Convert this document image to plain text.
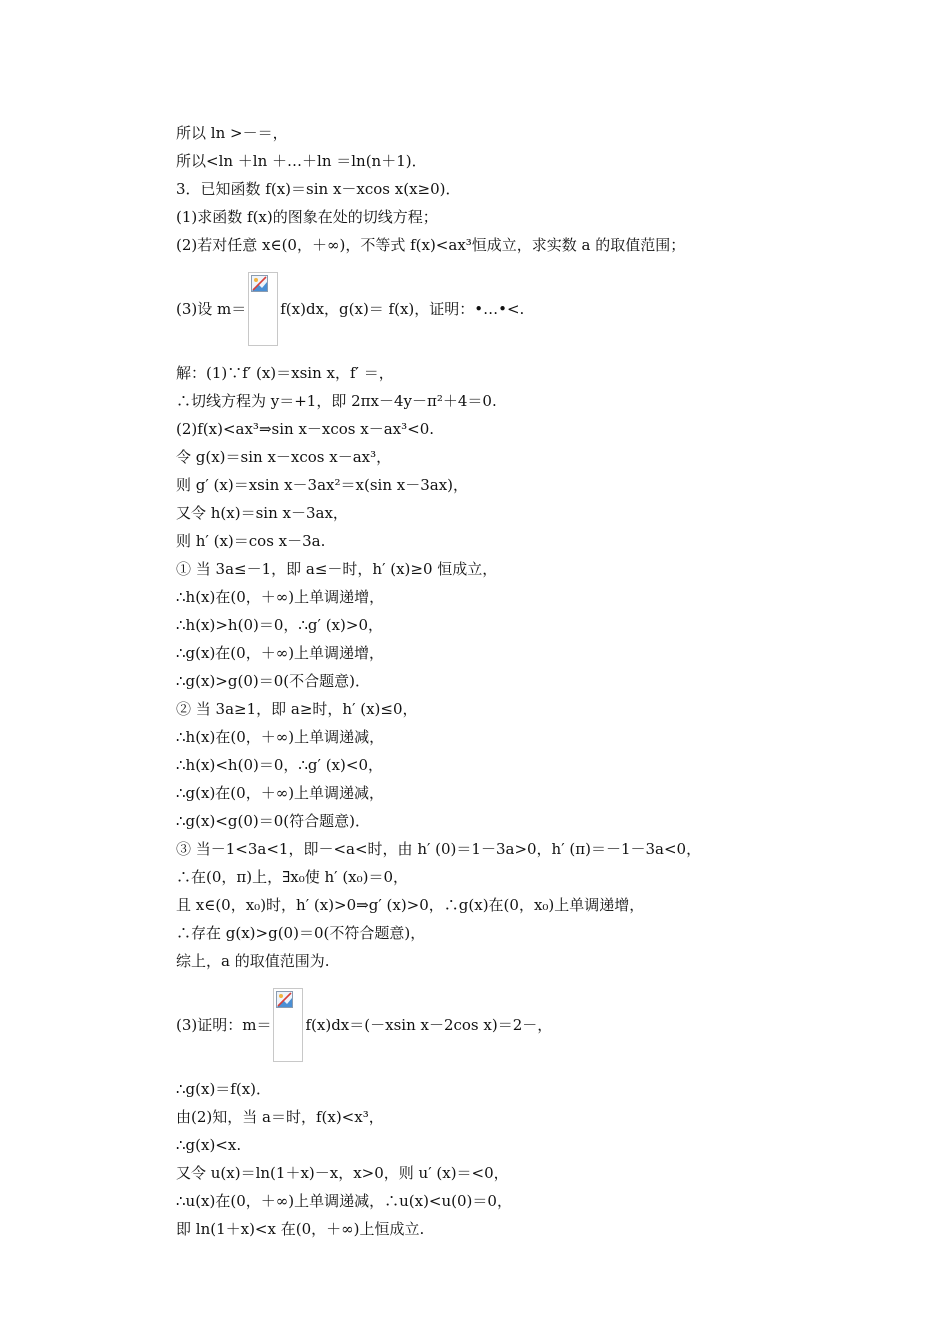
所以 ln >－＝，
所以<ln ＋ln ＋…＋ln ＝ln(n＋1)．
3．已知函数 f(x)＝sin x－xcos x(x≥0)．
(1)求函数 f(x)的图象在处的切线方程；
(2)若对任意 x∈(0，＋∞)，不等式 f(x)<ax³恒成立，求实数 a 的取值范围；
(3)设 m＝ f(x)dx，g(x)＝ f(x)，证明：•…•<.
解：(1)∵f′ (x)＝xsin x，f′ ＝，
∴切线方程为 y＝+1，即 2πx－4y－π²＋4＝0.
(2)f(x)<ax³⇒sin x－xcos x－ax³<0.
令 g(x)＝sin x－xcos x－ax³，
则 g′ (x)＝xsin x－3ax²＝x(sin x－3ax)，
又令 h(x)＝sin x－3ax，
则 h′ (x)＝cos x－3a.
① 当 3a≤－1，即 a≤－时，h′ (x)≥0 恒成立，
∴h(x)在(0，＋∞)上单调递增，
∴h(x)>h(0)＝0，∴g′ (x)>0，
∴g(x)在(0，＋∞)上单调递增，
∴g(x)>g(0)＝0(不合题意)．
② 当 3a≥1，即 a≥时，h′ (x)≤0，
∴h(x)在(0，＋∞)上单调递减，
∴h(x)<h(0)＝0，∴g′ (x)<0，
∴g(x)在(0，＋∞)上单调递减，
∴g(x)<g(0)＝0(符合题意)．
③ 当－1<3a<1，即－<a<时，由 h′ (0)＝1－3a>0，h′ (π)＝－1－3a<0，
∴在(0，π)上，∃x₀使 h′ (x₀)＝0，
且 x∈(0，x₀)时，h′ (x)>0⇒g′ (x)>0，∴g(x)在(0，x₀)上单调递增，
∴存在 g(x)>g(0)＝0(不符合题意)，
综上，a 的取值范围为.
(3)证明：m＝ f(x)dx＝(－xsin x－2cos x)＝2－，
∴g(x)＝f(x)．
由(2)知，当 a＝时，f(x)<x³，
∴g(x)<x.
又令 u(x)＝ln(1＋x)－x，x>0，则 u′ (x)＝<0，
∴u(x)在(0，＋∞)上单调递减，∴u(x)<u(0)＝0，
即 ln(1＋x)<x 在(0，＋∞)上恒成立.
